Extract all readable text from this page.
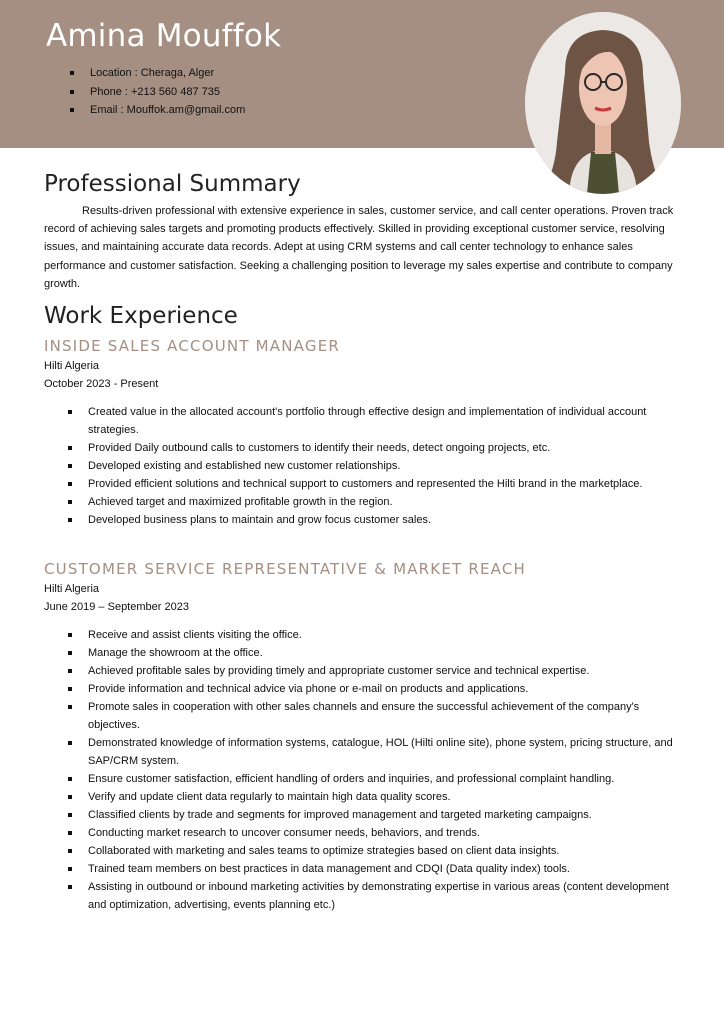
Amina Mouffok
Location : Cheraga, Alger
Phone : +213 560 487 735
Email : Mouffok.am@gmail.com
Professional Summary

Results-driven professional with extensive experience in sales, customer service, and call center operations. Proven track record of achieving sales targets and promoting products effectively. Skilled in providing exceptional customer service, resolving issues, and maintaining accurate data records. Adept at using CRM systems and call center technology to enhance sales performance and customer satisfaction. Seeking a challenging position to leverage my sales expertise and contribute to company growth.

Work Experience
INSIDE SALES ACCOUNT MANAGER
Hilti Algeria
October 2023 - Present
Created value in the allocated account's portfolio through effective design and implementation of individual account strategies.
Provided Daily outbound calls to customers to identify their needs, detect ongoing projects, etc.
Developed existing and established new customer relationships.
Provided efficient solutions and technical support to customers and represented the Hilti brand in the marketplace.
Achieved target and maximized profitable growth in the region.
Developed business plans to maintain and grow focus customer sales.
CUSTOMER SERVICE REPRESENTATIVE & MARKET REACH
Hilti Algeria
June 2019 – September 2023
Receive and assist clients visiting the office.
Manage the showroom at the office.
Achieved profitable sales by providing timely and appropriate customer service and technical expertise.
Provide information and technical advice via phone or e-mail on products and applications.
Promote sales in cooperation with other sales channels and ensure the successful achievement of the company's objectives.
Demonstrated knowledge of information systems, catalogue, HOL (Hilti online site), phone system, pricing structure, and SAP/CRM system.
Ensure customer satisfaction, efficient handling of orders and inquiries, and professional complaint handling.
Verify and update client data regularly to maintain high data quality scores.
Classified clients by trade and segments for improved management and targeted marketing campaigns.
Conducting market research to uncover consumer needs, behaviors, and trends.
Collaborated with marketing and sales teams to optimize strategies based on client data insights.
Trained team members on best practices in data management and CDQI (Data quality index) tools.
Assisting in outbound or inbound marketing activities by demonstrating expertise in various areas (content development and optimization, advertising, events planning etc.)
